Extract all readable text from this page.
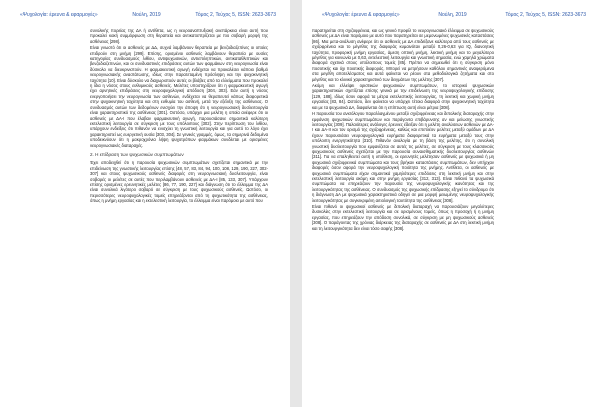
«Ψυχολογία: έρευνα & εφαρμογές»	Νούλη, 2019	Τόμος 2, Τεύχος 5, ISSN: 2623-3673

συνολικής πορείας της ΔΑ ή αντίθετα, ως η νευροαναπτυξιακή ανεπάρκεια είναι αυτή που προκαλεί κακή συμμόρφωση στη θεραπεία και αντικατοπτρίζεται με πιο σοβαρή μορφή της ασθένειας [298].

Είναι γνωστό ότι οι ασθενείς με ΔΔ, συχνά λαμβάνουν θεραπεία με βενζοδιαζεπίνες οι οποίες επιδρούν στη μνήμη [299]. Επίσης, ορισμένοι ασθενείς λαμβάνουν θεραπεία με ουσίες κατηγορίας συνδυασμούς λιθίου, αντιψυχωσικών, αντιεπιληπτικών, αντικαταθλιπτικών και βενζοδιαζεπινών, και οι συνδυαστικές επιδράσεις αυτών των φαρμάκων στη νευρογνωσία είναι δύσκολο να διευκρινιστούν. Η φαρμακευτική αγωγή ενδέχεται να προκαλέσει κάποιο βαθμό νευρογνωσιακής αναστάτωσης, ιδίως στην παρατεταμένη πρόσληψη και την ψυχοκινητική ταχύτητα [10]. Είναι δύσκολο να διαχωριστούν αυτές οι βλάβες από τα ελλείμματα που προκαλεί η ίδια η νόσος στους ευθυμικούς ασθενείς. Μελέτες υποστηρίζουν ότι η φαρμακευτική αγωγή έχει αρνητικές επιδράσεις στη νευροψυχολογική απόδοση [304, 303]. Εάν αυτή η νόσος ενεργοποιήσει την νευρογνωσία των ασθενών, ενδέχεται να θεραπευτεί κάπως διαφορετικά στην ψυχοκινητική ταχύτητα και στη ευθυμία του ασθενή, μετά την εξέλιξη της ασθένειας. Ο συνδυασμός αυτών των δεδομένων ενισχύει την άποψη ότι η νευρογνωσιακή δυσλειτουργία είναι χαρακτηριστικό της ασθένειας [301]. Οστόσο, υπάρχει μια μελέτη η οποία ανέφερε ότι οι ασθενείς με ΔΑ-Ι που έλαβαν φαρμακευτική αγωγή, παρουσιάσανε σημαντικά καλύτερη εκτελεστική λειτουργία σε σύγκριση με τους υπόλοιπους [302]. Στην περίπτωση του λιθίου, υπάρχουν ενδείξεις ότι πιθανόν να ενισχύει τη γνωστική λειτουργία και για αυτό το λόγο έχει χαρακτηριστεί ως ευεργετική ουσία [303, 304]. Σε γενικές γραμμές, όμως, τα σημερινά δεδομένα υποδεικνύουν ότι η μακροχρόνια λήψη ψυχοτρόπων φαρμάκων συνδέεται με ορισμένες νευρογνωσιακές διαταραχές.

2. Η επίδραση των ψυχωσικών συμπτωμάτων

Έχει αποδειχθεί ότι η παρουσία ψυχωσικών συμπτωμάτων σχετίζεται σημαντικά με την επιδείνωση της γνωστικής λειτουργίας επίσης [48, 57, 83, 84, 94, 100, 108, 129, 190, 227, 302-307] και στους ψυχωσικούς ασθενείς διαφορές στη νευρογνωσιακή δυσλειτουργία, είναι σοβαρές οι μελέτες σε αυτές που περιλαμβάνουν ασθενείς με ΔΑ-Ι [85, 133, 307]. Υπάρχουν επίσης ορισμένες ερευνητικές μελέτες [86, 77, 190, 227] και διάγνωση ότι το έλλειμμα της ΔΑ είναι συνολικά λιγότερο σοβαρό σε σύγκριση με τους ψυχωσικούς ασθενείς. Ωστόσο, οι περισσότερες νευροψυχολογικές τομείς επηρεάζονται από τη ψυχωτικότητα της ασθένειας, όπως η μνήμη εργασίας και η εκτελεστική λειτουργία, το έλλειμμα είναι παρόμοιο με αυτό που

«Ψυχολογία: έρευνα & εφαρμογές»	Νούλη, 2019	Τόμος 2, Τεύχος 5, ISSN: 2623-3673

παρατηρείται στη σχιζοφρένεια, και ως γενικό προφίλ το νευρογνωσιακό έλλειμμα σε ψυχωσικούς ασθενείς με ΔΑ είναι παρόμοιο με αυτό που παρατηρείται σε μεμονωμένες ψυχωσικές καταστάσεις [86]. Μια μετα-ανάλυση ανέφερε ότι οι ασθενείς με ΔΑ επιδείξανε καλύτερα από τους ασθενείς με σχιζοφρένεια και το μέγεθος της διαφοράς κυμαινόταν μεταξύ 0,26-0,63 για IQ, διανοητική ταχύτητα, προφορική μνήμη εργασίας, άμεση οπτική μνήμη, λεκτική μνήμη και το μεγαλύτερο μέγεθος για κοινωνία με 0,63, εκτελεστική λειτουργία και γνωστική σημασία, ενώ χαμηλά χρώματα διαφορά σχετικά στους υπόλοιπους τομείς [85]. Πρέπει να σημειωθεί ότι η σύγκριση μόνο ποσοτικής και όχι ποιοτικής διαφοράς. Μπορεί να μετρήσουν καθόλου σημαντικές αναφερόμενα στα μεγέθη αποτελέσματος και αυτά φαίνεται να ρέουν στα μεθοδολογικά ζητήματα και στο μέγεθος και το κλινικό χαρακτηριστικό των δειγμάτων της μελέτης [307].

Ακόμη και ελλείψει οριστικών ψυχωσικών συμπτωμάτων, το ιστορικό ψυχωσικών χαρακτηριστικών σχετίζεται επίσης γενικά με την επιδείνωση της νευροψυχολογικής επίδοσης [129, 188], ιδίως όσον αφορά τα μέτρα εκτελεστικής λειτουργίας, τη λεκτική και χωρική μνήμη εργασίας [83, 84]. Ωστόσο, δεν φαίνεται να υπάρχει τέτοια διαφορά στην ψυχοκινητική ταχύτητα και με τα ψυχωσικά ΔΑ, διαφαίνεται ότι η επίπτωση αυτή είναι μέτρια [308].

Η παρουσία του ανισόλογου παραλλαγμένου μεταξύ σχιζοφρένειας και διπολικής διαταραχής στην εμφάνιση ψυχωτικών συμπτωμάτων και παράγοντα επιβάρυνσης αν και μείωσης γνωστικής λειτουργίας [309]. Παλαιότερες ανάλογες έρευνες έδειξαν ότι η μελέτη αναλύσεων ασθενών με ΔΑ-Ι και ΔΑ-ΙΙ και τον ορισμό της σχιζοφρένειας, καθώς και επιπλέον μελέτες μεταξύ ομάδων με ΔΑ έχουν παρουσιάσει νευροψυχολογικά ευρήματα διαφορετικά τα ευρήματα μεταξύ τους στην υπόλοιπη ενεργητικότητα [310]. Πιθανόν αναλογία με τη βάση της μελέτης, ότι η συνολική γνωστική δυσλειτουργία που εμφανίζεται σε αυτές τις μελέτες, σε σύγκριση με τους κλασσικούς ψυχωσικούς ασθενείς σχετίζεται με την παρουσία συναισθηματικής δυσλειτουργίας ασθενών [311]. Για να επαληθευτεί αυτή η υπόθεση, οι ερευνητές μελέτησαν ασθενείς με ψυχωσικά ή μη ψυχωσικά σχιζοφρενικά συμπτώματα και τους βρήκαν καταστάσεις συμπτωμάτων, δεν υπήρχαν διαφορές όσον αφορά την νευροψυχολογική ποιότητα της μνήμης. Αντίθετα, οι ασθενείς με ψυχωσικά συμπτώματα είχαν σημαντικά χαμηλότερες επιδόσεις στη λεκτική μνήμη και στην εκτελεστική λειτουργία ακόμη και στην μνήμη εργασίας [312, 313]. Είναι πιθανό τα ψυχωσικά συμπτώματα να επηρεάζουν την παρουσία της νευροψυχολογικής ικανότητας και της λειτουργικότητας της ασθένειας. Ο συνδυασμός της ψυχωσικής επίδρασης εξηγεί το σύνδρομο ότι η διάγνωση ΔΑ με ψυχωσικά χαρακτηριστικά οδηγεί σε μια μορφή μειωμένης νευροψυχολογικής λειτουργικότητας με συγκεκριμένη αιτιολογική ταυτότητα της ασθένειας [308].

Είναι πιθανό οι ψυχωσικοί ασθενείς με διπολική διαταραχή να παρουσιάζουν μεγαλύτερες δυσκολίες στην εκτελεστική λειτουργία και σε ορισμένους τομείς, όπως η προσοχή ή η μνήμη εργασίας, που επηρεάζουν την απόδοση συνολικά, σε σύγκριση με μη ψυχωσικούς ασθενείς [308]. Ο παράγοντας της χρόνιας διάρκειας της διαταραχής σε ασθενείς με ΔΑ στη λεκτική μνήμη και τη λειτουργικότητα δεν είναι τόσο σαφής [308].
